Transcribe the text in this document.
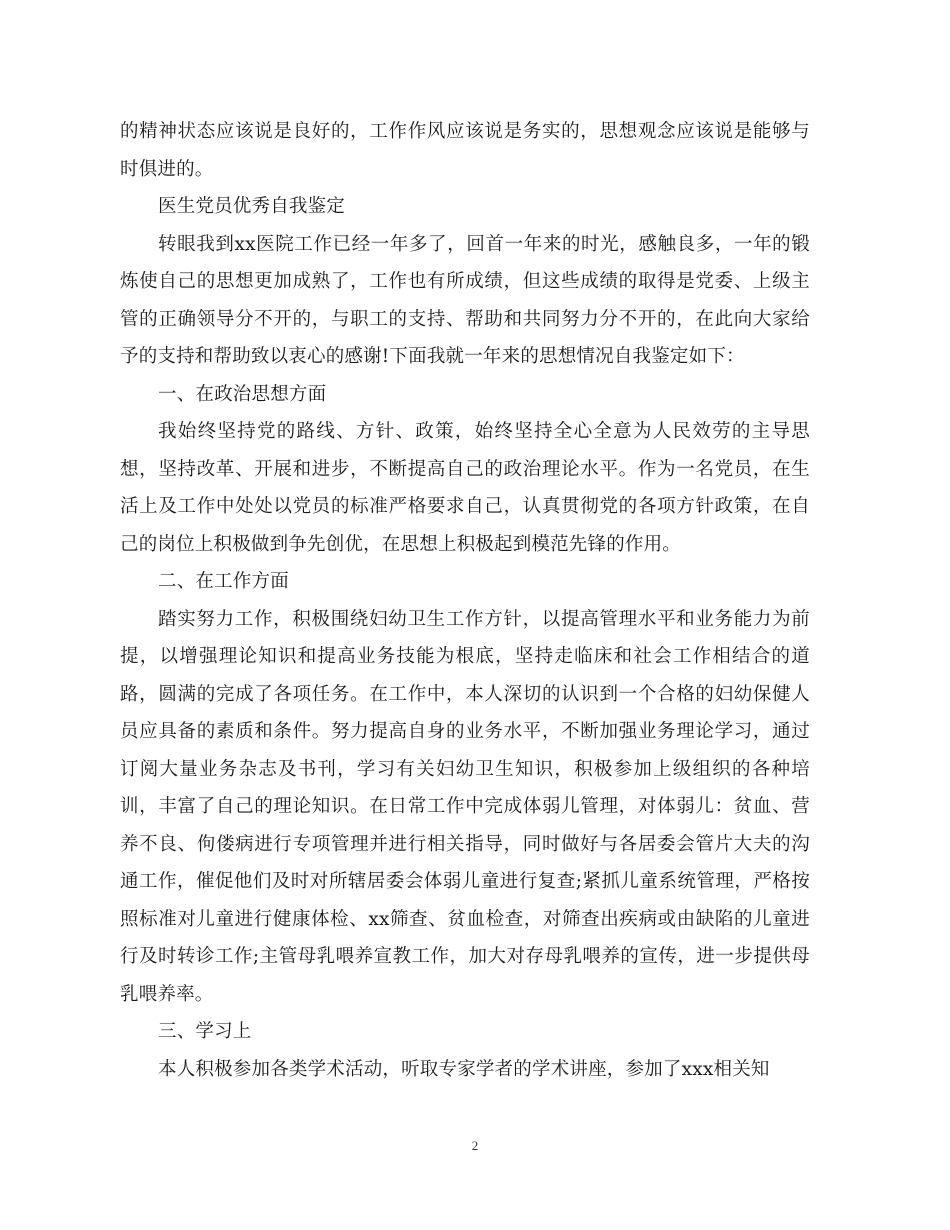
的精神状态应该说是良好的，工作作风应该说是务实的，思想观念应该说是能够与时俱进的。

医生党员优秀自我鉴定

转眼我到xx医院工作已经一年多了，回首一年来的时光，感触良多，一年的锻炼使自己的思想更加成熟了，工作也有所成绩，但这些成绩的取得是党委、上级主管的正确领导分不开的，与职工的支持、帮助和共同努力分不开的，在此向大家给予的支持和帮助致以衷心的感谢!下面我就一年来的思想情况自我鉴定如下：

一、在政治思想方面

我始终坚持党的路线、方针、政策，始终坚持全心全意为人民效劳的主导思想，坚持改革、开展和进步，不断提高自己的政治理论水平。作为一名党员，在生活上及工作中处处以党员的标准严格要求自己，认真贯彻党的各项方针政策，在自己的岗位上积极做到争先创优，在思想上积极起到模范先锋的作用。

二、在工作方面

踏实努力工作，积极围绕妇幼卫生工作方针，以提高管理水平和业务能力为前提，以增强理论知识和提高业务技能为根底，坚持走临床和社会工作相结合的道路，圆满的完成了各项任务。在工作中，本人深切的认识到一个合格的妇幼保健人员应具备的素质和条件。努力提高自身的业务水平，不断加强业务理论学习，通过订阅大量业务杂志及书刊，学习有关妇幼卫生知识，积极参加上级组织的各种培训，丰富了自己的理论知识。在日常工作中完成体弱儿管理，对体弱儿：贫血、营养不良、佝偻病进行专项管理并进行相关指导，同时做好与各居委会管片大夫的沟通工作，催促他们及时对所辖居委会体弱儿童进行复查;紧抓儿童系统管理，严格按照标准对儿童进行健康体检、xx筛查、贫血检查，对筛查出疾病或由缺陷的儿童进行及时转诊工作;主管母乳喂养宣教工作，加大对存母乳喂养的宣传，进一步提供母乳喂养率。

三、学习上

本人积极参加各类学术活动，听取专家学者的学术讲座，参加了xxx相关知

2
